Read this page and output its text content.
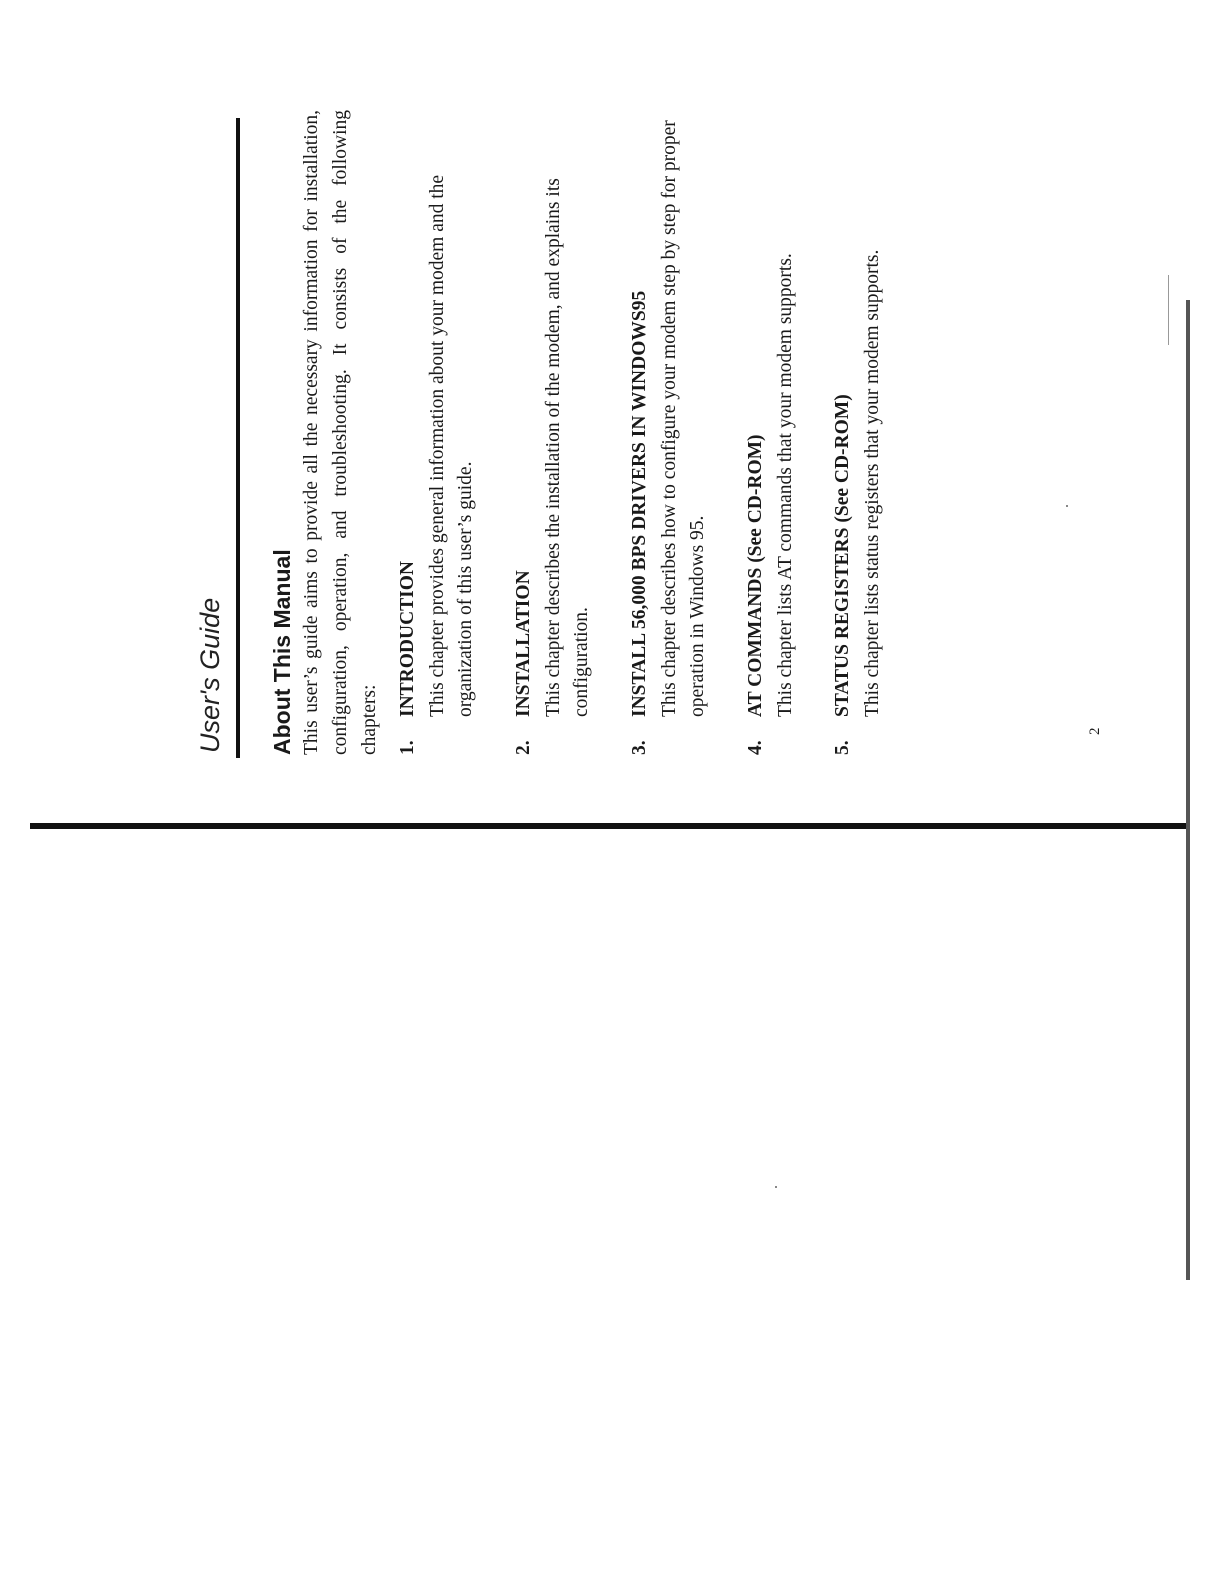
User's Guide About This Manual This user’s guide aims to provide all the necessary information for installation, configuration, operation, and troubleshooting. It consists of the following chapters: 1.
INTRODUCTION This chapter provides general information about your modem and the organization of this user’s guide.
2.
INSTALLATION This chapter describes the installation of the modem, and explains its configuration.
3.
INSTALL 56,000 BPS DRIVERS IN WINDOWS95 This chapter describes how to configure your modem step by step for proper operation in Windows 95.
4.
AT COMMANDS (See CD-ROM) This chapter lists AT commands that your modem supports.
5.
STATUS REGISTERS (See CD-ROM) This chapter lists status registers that your modem supports.
2
